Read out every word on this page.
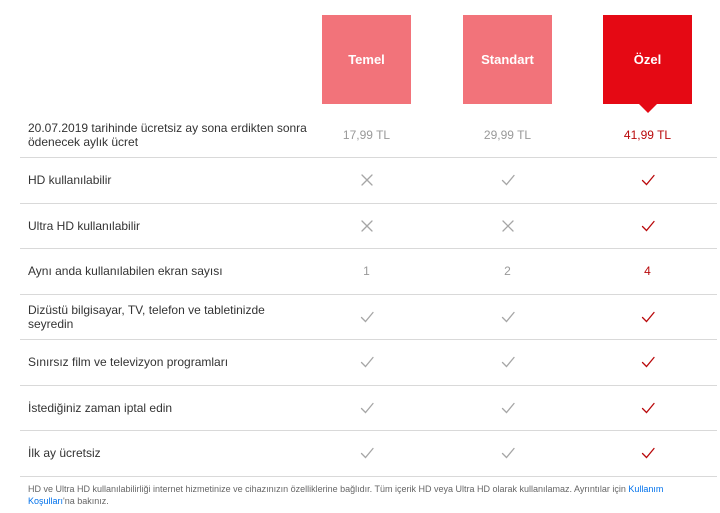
Temel	Standart	Özel
20.07.2019 tarihinde ücretsiz ay sona erdikten sonra ödenecek aylık ücret	17,99 TL	29,99 TL	41,99 TL
HD kullanılabilir
Ultra HD kullanılabilir
Aynı anda kullanılabilen ekran sayısı	1	2	4
Dizüstü bilgisayar, TV, telefon ve tabletinizde seyredin
Sınırsız film ve televizyon programları
İstediğiniz zaman iptal edin
İlk ay ücretsiz
HD ve Ultra HD kullanılabilirliği internet hizmetinize ve cihazınızın özelliklerine bağlıdır. Tüm içerik HD veya Ultra HD olarak kullanılamaz. Ayrıntılar için Kullanım Koşulları'na bakınız.
